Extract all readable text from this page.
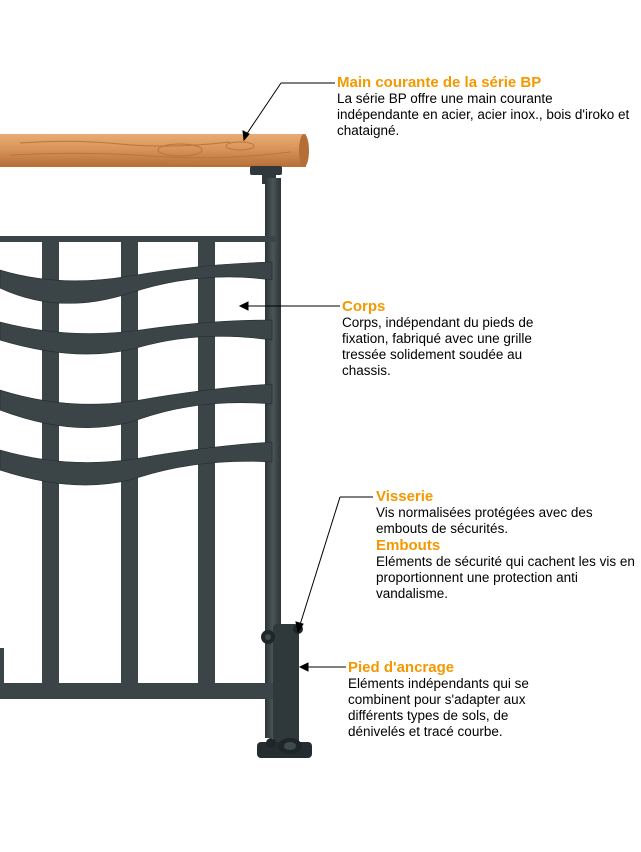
Main courante de la série BP
La série BP offre une main courante indépendante en acier, acier inox., bois d'iroko et chataigné.
Corps
Corps, indépendant du pieds de fixation, fabriqué avec une grille tressée solidement soudée au chassis.
Visserie
Vis normalisées protégées avec des embouts de sécurités.
Embouts
Eléments de sécurité qui cachent les vis en proportionnent une protection anti vandalisme.
Pied d'ancrage
Eléments indépendants qui se combinent pour s'adapter aux différents types de sols, de dénivelés et tracé courbe.
